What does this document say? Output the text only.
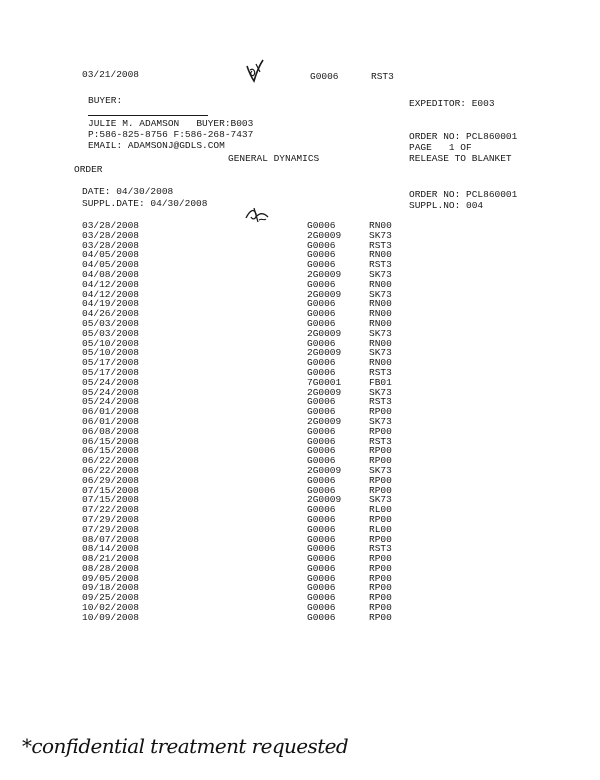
03/21/2008	G0006	RST3
BUYER:
JULIE M. ADAMSON   BUYER:B003
P:586-825-8756 F:586-268-7437
EMAIL: ADAMSONJ@GDLS.COM
GENERAL DYNAMICS
ORDER
EXPEDITOR: E003
ORDER NO: PCL860001
PAGE   1 OF
RELEASE TO BLANKET
ORDER NO: PCL860001
SUPPL.NO: 004
DATE: 04/30/2008
SUPPL.DATE: 04/30/2008
03/28/2008	G0006	RN00
03/28/2008	2G0009	SK73
03/28/2008	G0006	RST3
04/05/2008	G0006	RN00
04/05/2008	G0006	RST3
04/08/2008	2G0009	SK73
04/12/2008	G0006	RN00
04/12/2008	2G0009	SK73
04/19/2008	G0006	RN00
04/26/2008	G0006	RN00
05/03/2008	G0006	RN00
05/03/2008	2G0009	SK73
05/10/2008	G0006	RN00
05/10/2008	2G0009	SK73
05/17/2008	G0006	RN00
05/17/2008	G0006	RST3
05/24/2008	7G0001	FB01
05/24/2008	2G0009	SK73
05/24/2008	G0006	RST3
06/01/2008	G0006	RP00
06/01/2008	2G0009	SK73
06/08/2008	G0006	RP00
06/15/2008	G0006	RST3
06/15/2008	G0006	RP00
06/22/2008	G0006	RP00
06/22/2008	2G0009	SK73
06/29/2008	G0006	RP00
07/15/2008	G0006	RP00
07/15/2008	2G0009	SK73
07/22/2008	G0006	RL00
07/29/2008	G0006	RP00
07/29/2008	G0006	RL00
08/07/2008	G0006	RP00
08/14/2008	G0006	RST3
08/21/2008	G0006	RP00
08/28/2008	G0006	RP00
09/05/2008	G0006	RP00
09/18/2008	G0006	RP00
09/25/2008	G0006	RP00
10/02/2008	G0006	RP00
10/09/2008	G0006	RP00
*confidential treatment requested
